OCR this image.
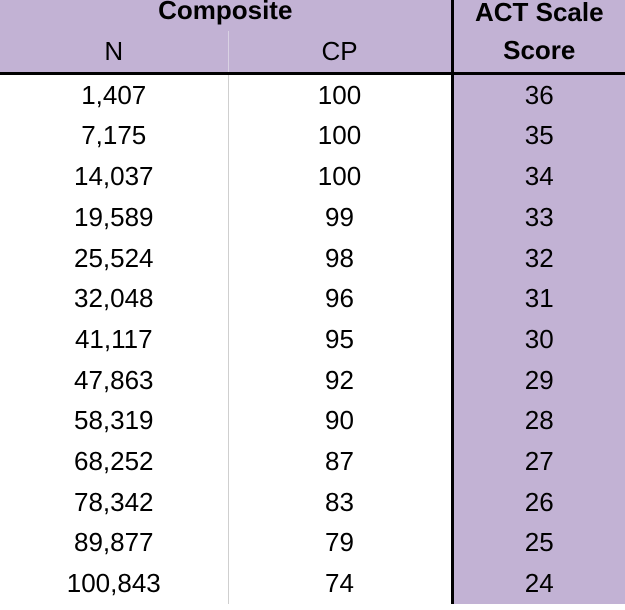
Composite		ACT Scale
Score

N	CP	
1,407	100	36
7,175	100	35
14,037	100	34
19,589	99	33
25,524	98	32
32,048	96	31
41,117	95	30
47,863	92	29
58,319	90	28
68,252	87	27
78,342	83	26
89,877	79	25
100,843	74	24
